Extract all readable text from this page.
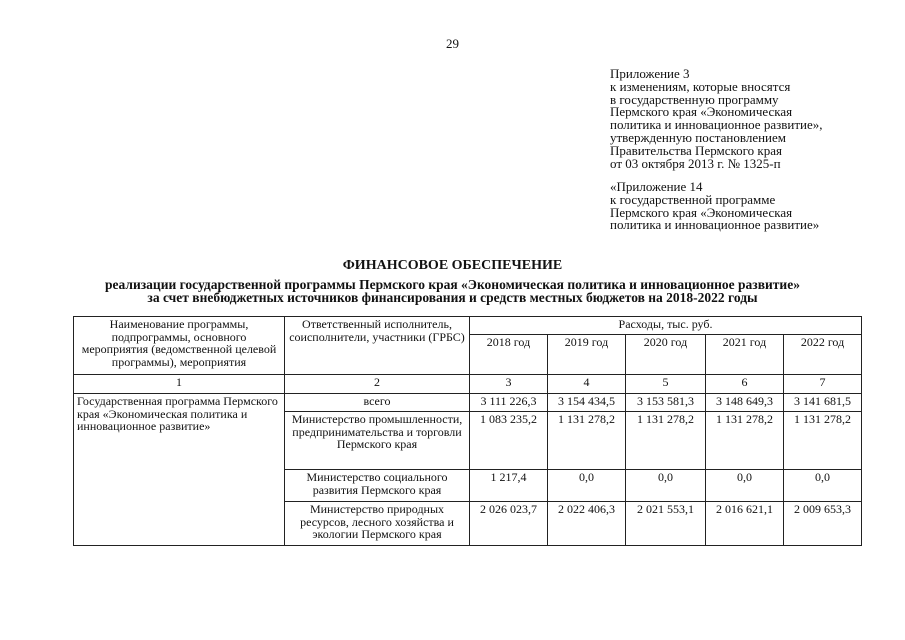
29
Приложение 3
к изменениям, которые вносятся
в государственную программу
Пермского края «Экономическая
политика и инновационное развитие»,
утвержденную постановлением
Правительства Пермского края
от 03 октября 2013 г. № 1325-п
«Приложение 14
к государственной программе
Пермского края «Экономическая
политика и инновационное развитие»
ФИНАНСОВОЕ ОБЕСПЕЧЕНИЕ
реализации государственной программы Пермского края «Экономическая политика и инновационное развитие»
за счет внебюджетных источников финансирования и средств местных бюджетов на 2018-2022 годы
Наименование программы, подпрограммы, основного мероприятия (ведомственной целевой программы), мероприятия	Ответственный исполнитель, соисполнители, участники (ГРБС)	Расходы, тыс. руб.				
		2018 год	2019 год	2020 год	2021 год	2022 год
1	2	3	4	5	6	7
Государственная программа Пермского края «Экономическая политика и инновационное развитие»	всего	3 111 226,3	3 154 434,5	3 153 581,3	3 148 649,3	3 141 681,5
	Министерство промышленности, предпринимательства и торговли Пермского края	1 083 235,2	1 131 278,2	1 131 278,2	1 131 278,2	1 131 278,2
	Министерство социального развития Пермского края	1 217,4	0,0	0,0	0,0	0,0
	Министерство природных ресурсов, лесного хозяйства и экологии Пермского края	2 026 023,7	2 022 406,3	2 021 553,1	2 016 621,1	2 009 653,3
